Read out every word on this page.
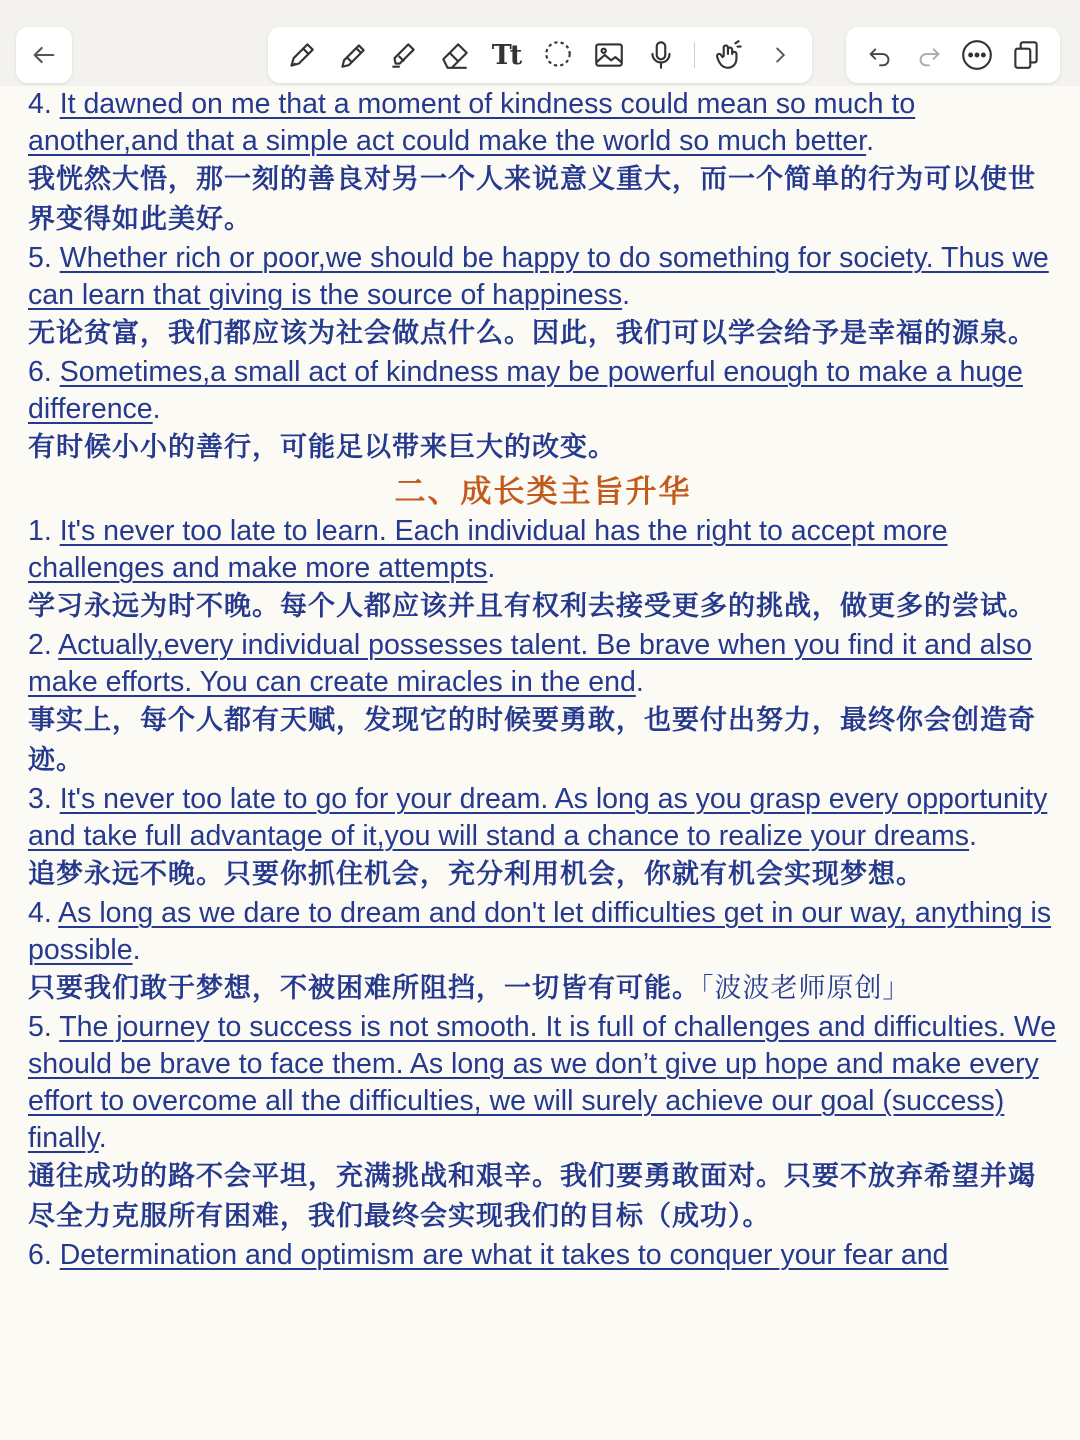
Tt

4. It dawned on me that a moment of kindness could mean so much to another,and that a simple act could make the world so much better.

我恍然大悟，那一刻的善良对另一个人来说意义重大，而一个简单的行为可以使世界变得如此美好。

5. Whether rich or poor,we should be happy to do something for society. Thus we can learn that giving is the source of happiness.

无论贫富，我们都应该为社会做点什么。因此，我们可以学会给予是幸福的源泉。

6. Sometimes,a small act of kindness may be powerful enough to make a huge difference.

有时候小小的善行，可能足以带来巨大的改变。

二、成长类主旨升华

1. It's never too late to learn. Each individual has the right to accept more challenges and make more attempts.

学习永远为时不晚。每个人都应该并且有权利去接受更多的挑战，做更多的尝试。

2. Actually,every individual possesses talent. Be brave when you find it and also make efforts. You can create miracles in the end.

事实上，每个人都有天赋，发现它的时候要勇敢，也要付出努力，最终你会创造奇迹。

3. It's never too late to go for your dream. As long as you grasp every opportunity and take full advantage of it,you will stand a chance to realize your dreams.

追梦永远不晚。只要你抓住机会，充分利用机会，你就有机会实现梦想。

4. As long as we dare to dream and don't let difficulties get in our way, anything is possible.

只要我们敢于梦想，不被困难所阻挡，一切皆有可能。「波波老师原创」

5. The journey to success is not smooth. It is full of challenges and difficulties. We should be brave to face them. As long as we don’t give up hope and make every effort to overcome all the difficulties, we will surely achieve our goal (success) finally.

通往成功的路不会平坦，充满挑战和艰辛。我们要勇敢面对。只要不放弃希望并竭尽全力克服所有困难，我们最终会实现我们的目标（成功）。

6. Determination and optimism are what it takes to conquer your fear and
